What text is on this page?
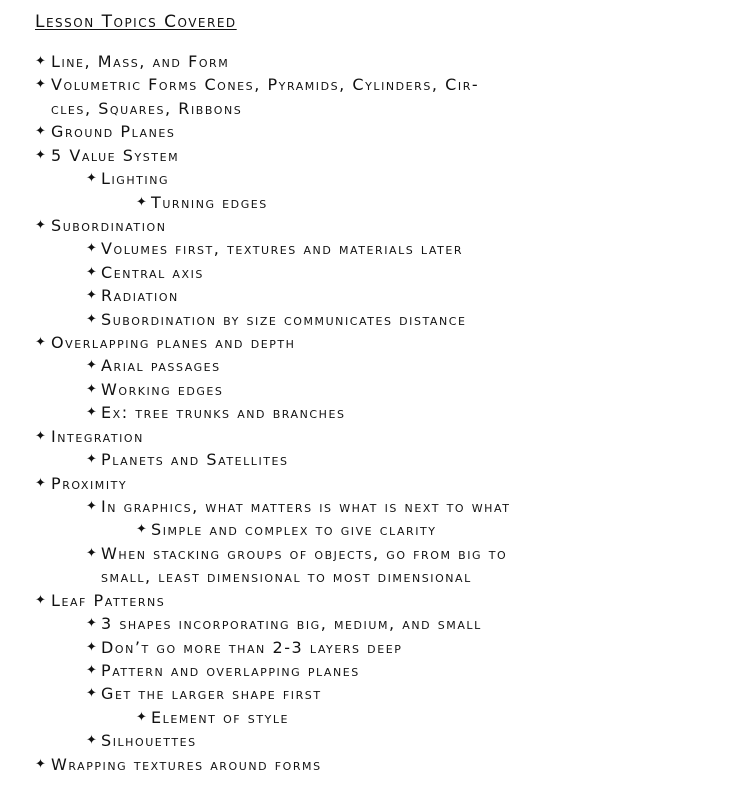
Lesson Topics Covered
✦ Line, Mass, and Form
✦ Volumetric Forms Cones, Pyramids, Cylinders, Cir-
cles, Squares, Ribbons
✦ Ground Planes
✦ 5 Value System
✦ Lighting
✦ Turning edges
✦ Subordination
✦ Volumes first, textures and materials later
✦ Central axis
✦ Radiation
✦ Subordination by size communicates distance
✦ Overlapping planes and depth
✦ Arial passages
✦ Working edges
✦ Ex: tree trunks and branches
✦ Integration
✦ Planets and Satellites
✦ Proximity
✦ In graphics, what matters is what is next to what
✦ Simple and complex to give clarity
✦ When stacking groups of objects, go from big to
small, least dimensional to most dimensional
✦ Leaf Patterns
✦ 3 shapes incorporating big, medium, and small
✦ Don’t go more than 2-3 layers deep
✦ Pattern and overlapping planes
✦ Get the larger shape first
✦ Element of style
✦ Silhouettes
✦ Wrapping textures around forms
